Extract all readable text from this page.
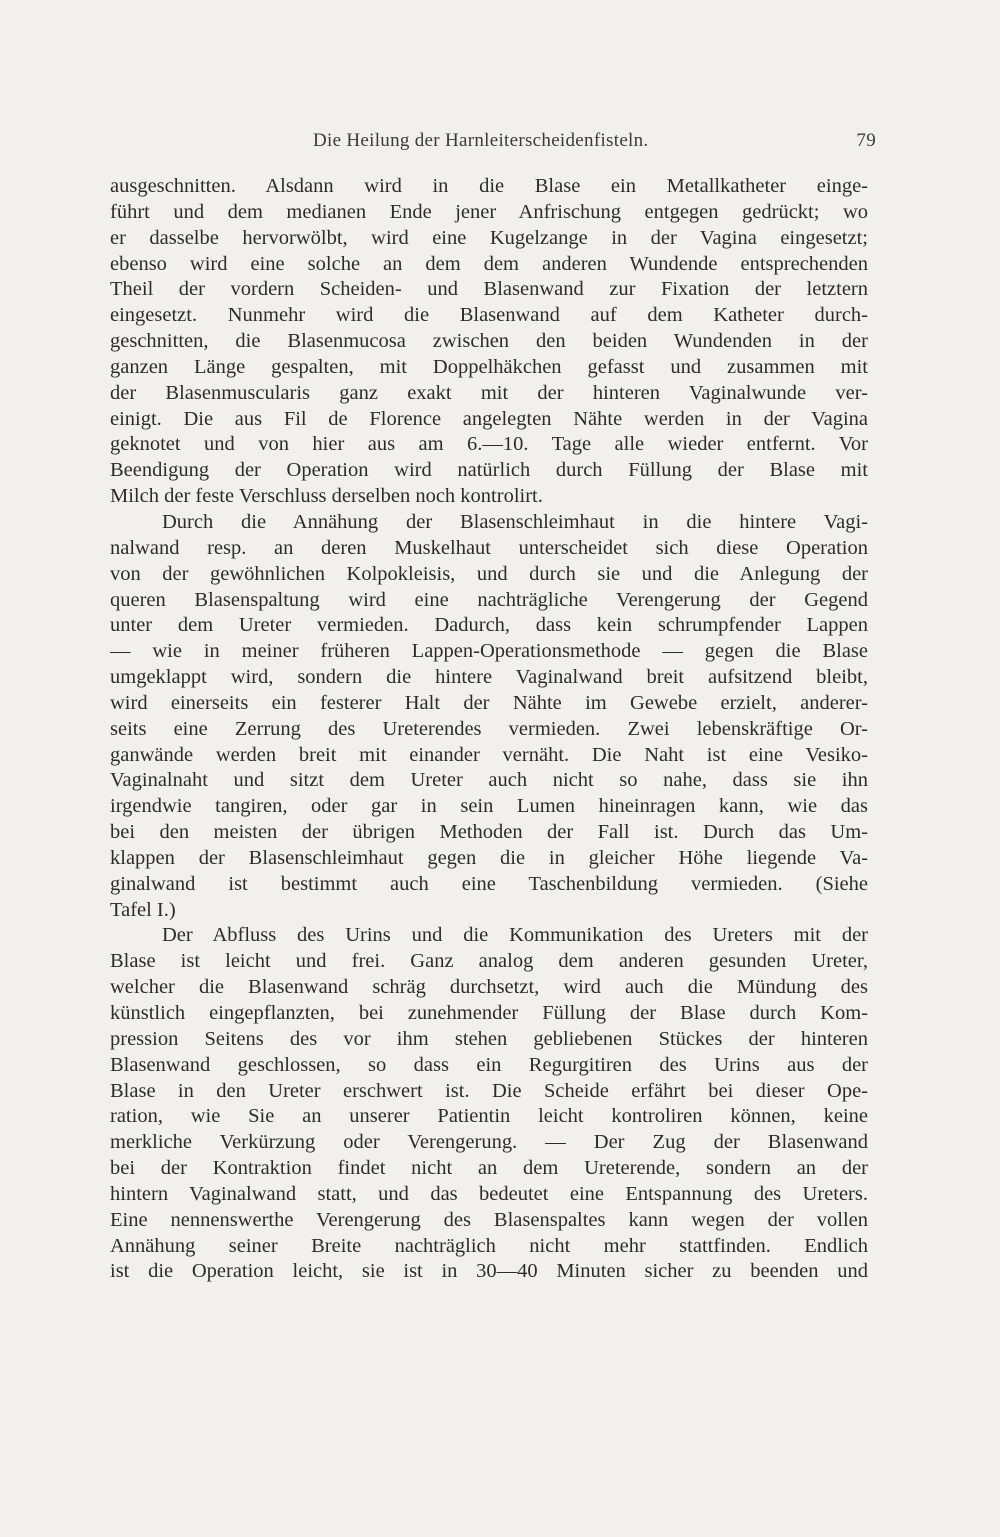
Die Heilung der Harnleiterscheidenfisteln.	79
ausgeschnitten. Alsdann wird in die Blase ein Metallkatheter einge-
führt und dem medianen Ende jener Anfrischung entgegen gedrückt; wo
er dasselbe hervorwölbt, wird eine Kugelzange in der Vagina eingesetzt;
ebenso wird eine solche an dem dem anderen Wundende entsprechenden
Theil der vordern Scheiden- und Blasenwand zur Fixation der letztern
eingesetzt. Nunmehr wird die Blasenwand auf dem Katheter durch-
geschnitten, die Blasenmucosa zwischen den beiden Wundenden in der
ganzen Länge gespalten, mit Doppelhäkchen gefasst und zusammen mit
der Blasenmuscularis ganz exakt mit der hinteren Vaginalwunde ver-
einigt. Die aus Fil de Florence angelegten Nähte werden in der Vagina
geknotet und von hier aus am 6.—10. Tage alle wieder entfernt. Vor
Beendigung der Operation wird natürlich durch Füllung der Blase mit
Milch der feste Verschluss derselben noch kontrolirt.
Durch die Annähung der Blasenschleimhaut in die hintere Vagi-
nalwand resp. an deren Muskelhaut unterscheidet sich diese Operation
von der gewöhnlichen Kolpokleisis, und durch sie und die Anlegung der
queren Blasenspaltung wird eine nachträgliche Verengerung der Gegend
unter dem Ureter vermieden. Dadurch, dass kein schrumpfender Lappen
— wie in meiner früheren Lappen-Operationsmethode — gegen die Blase
umgeklappt wird, sondern die hintere Vaginalwand breit aufsitzend bleibt,
wird einerseits ein festerer Halt der Nähte im Gewebe erzielt, anderer-
seits eine Zerrung des Ureterendes vermieden. Zwei lebenskräftige Or-
ganwände werden breit mit einander vernäht. Die Naht ist eine Vesiko-
Vaginalnaht und sitzt dem Ureter auch nicht so nahe, dass sie ihn
irgendwie tangiren, oder gar in sein Lumen hineinragen kann, wie das
bei den meisten der übrigen Methoden der Fall ist. Durch das Um-
klappen der Blasenschleimhaut gegen die in gleicher Höhe liegende Va-
ginalwand ist bestimmt auch eine Taschenbildung vermieden. (Siehe
Tafel I.)
Der Abfluss des Urins und die Kommunikation des Ureters mit der
Blase ist leicht und frei. Ganz analog dem anderen gesunden Ureter,
welcher die Blasenwand schräg durchsetzt, wird auch die Mündung des
künstlich eingepflanzten, bei zunehmender Füllung der Blase durch Kom-
pression Seitens des vor ihm stehen gebliebenen Stückes der hinteren
Blasenwand geschlossen, so dass ein Regurgitiren des Urins aus der
Blase in den Ureter erschwert ist. Die Scheide erfährt bei dieser Ope-
ration, wie Sie an unserer Patientin leicht kontroliren können, keine
merkliche Verkürzung oder Verengerung. — Der Zug der Blasenwand
bei der Kontraktion findet nicht an dem Ureterende, sondern an der
hintern Vaginalwand statt, und das bedeutet eine Entspannung des Ureters.
Eine nennenswerthe Verengerung des Blasenspaltes kann wegen der vollen
Annähung seiner Breite nachträglich nicht mehr stattfinden. Endlich
ist die Operation leicht, sie ist in 30—40 Minuten sicher zu beenden und
